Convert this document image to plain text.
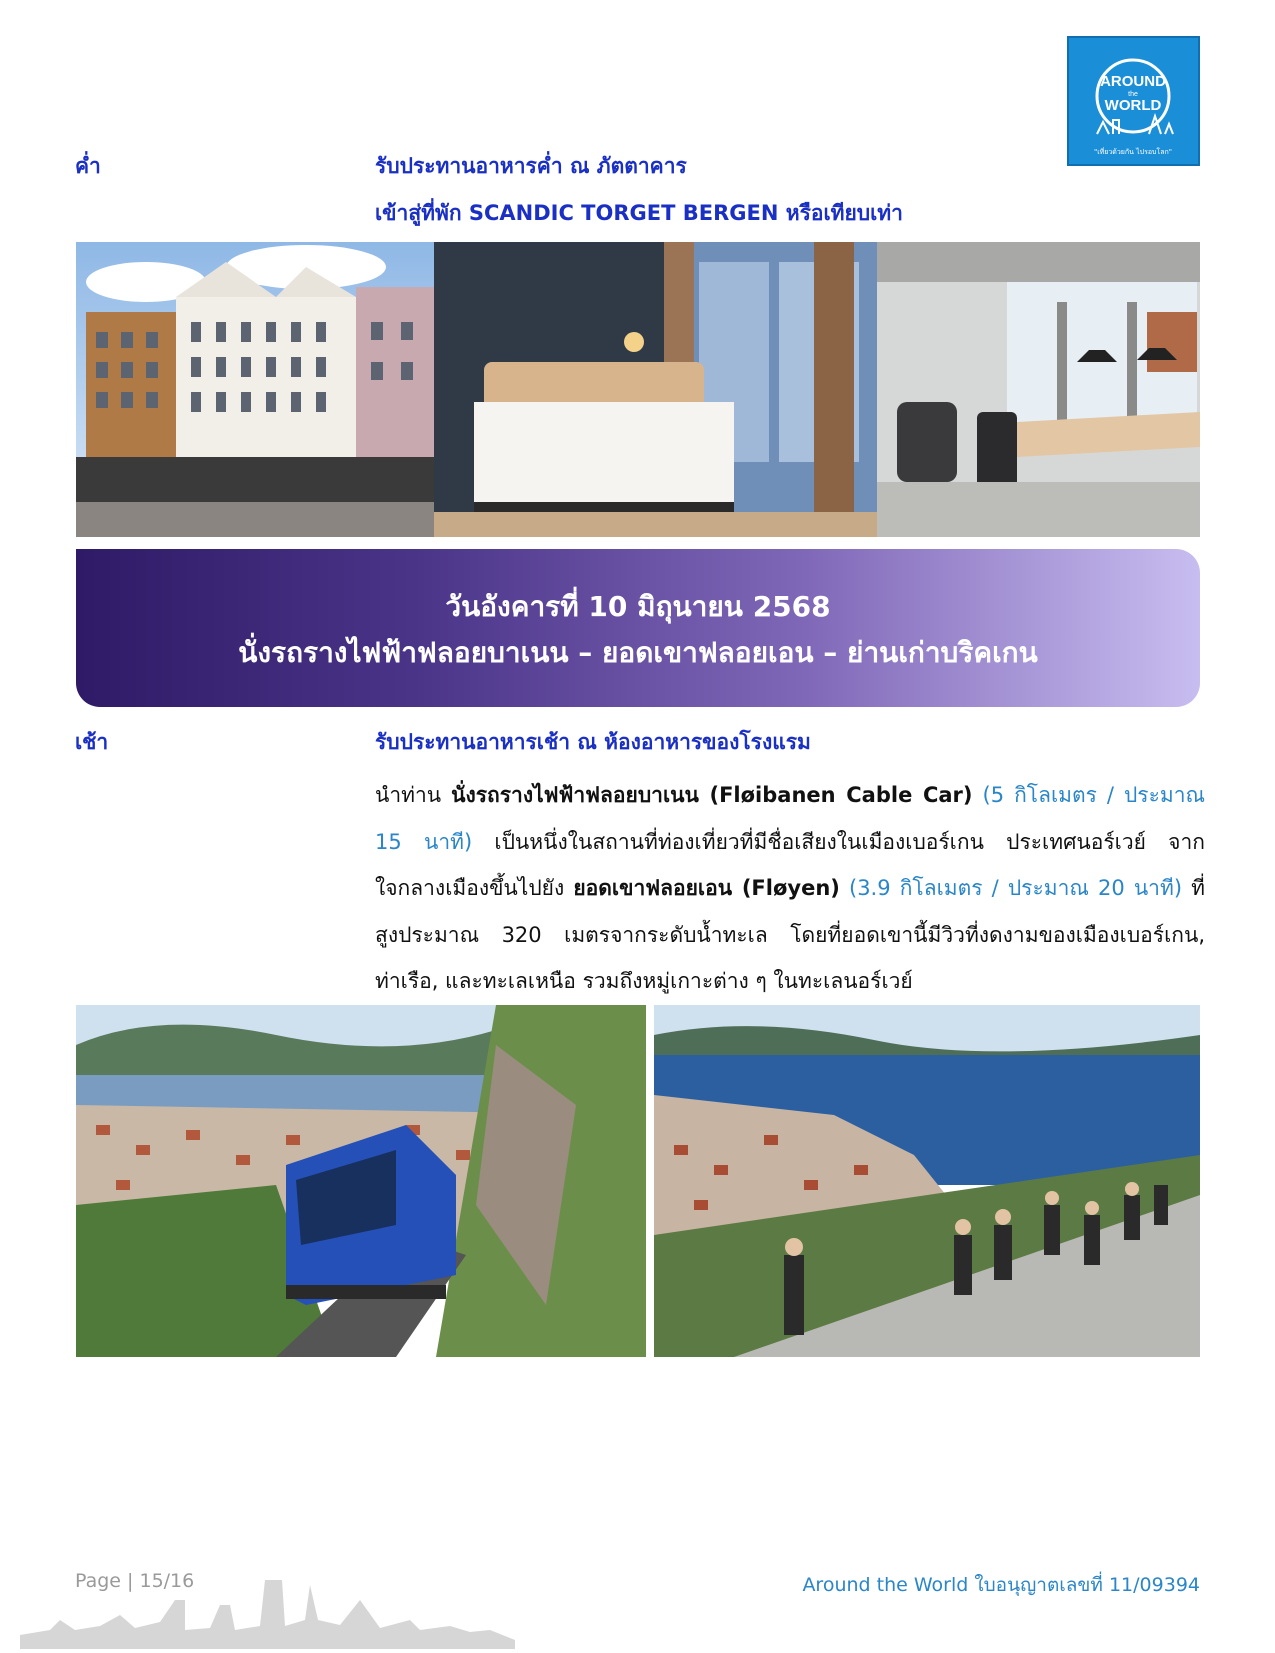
AROUND
the
WORLD
"เที่ยวด้วยกัน ไปรอบโลก"
ค่ำ	รับประทานอาหารค่ำ ณ ภัตตาคาร
เข้าสู่ที่พัก SCANDIC TORGET BERGEN หรือเทียบเท่า
วันอังคารที่ 10 มิถุนายน 2568
นั่งรถรางไฟฟ้าฟลอยบาเนน – ยอดเขาฟลอยเอน – ย่านเก่าบริคเกน
เช้า	รับประทานอาหารเช้า ณ ห้องอาหารของโรงแรม
นำท่าน นั่งรถรางไฟฟ้าฟลอยบาเนน (Fløibanen Cable Car) (5 กิโลเมตร / ประมาณ 15 นาที) เป็นหนึ่งในสถานที่ท่องเที่ยวที่มีชื่อเสียงในเมืองเบอร์เกน ประเทศนอร์เวย์ จากใจกลางเมืองขึ้นไปยัง ยอดเขาฟลอยเอน (Fløyen) (3.9 กิโลเมตร / ประมาณ 20 นาที) ที่สูงประมาณ 320 เมตรจากระดับน้ำทะเล โดยที่ยอดเขานี้มีวิวที่งดงามของเมืองเบอร์เกน, ท่าเรือ, และทะเลเหนือ รวมถึงหมู่เกาะต่าง ๆ ในทะเลนอร์เวย์
Page | 15/16	Around the World ใบอนุญาตเลขที่ 11/09394
